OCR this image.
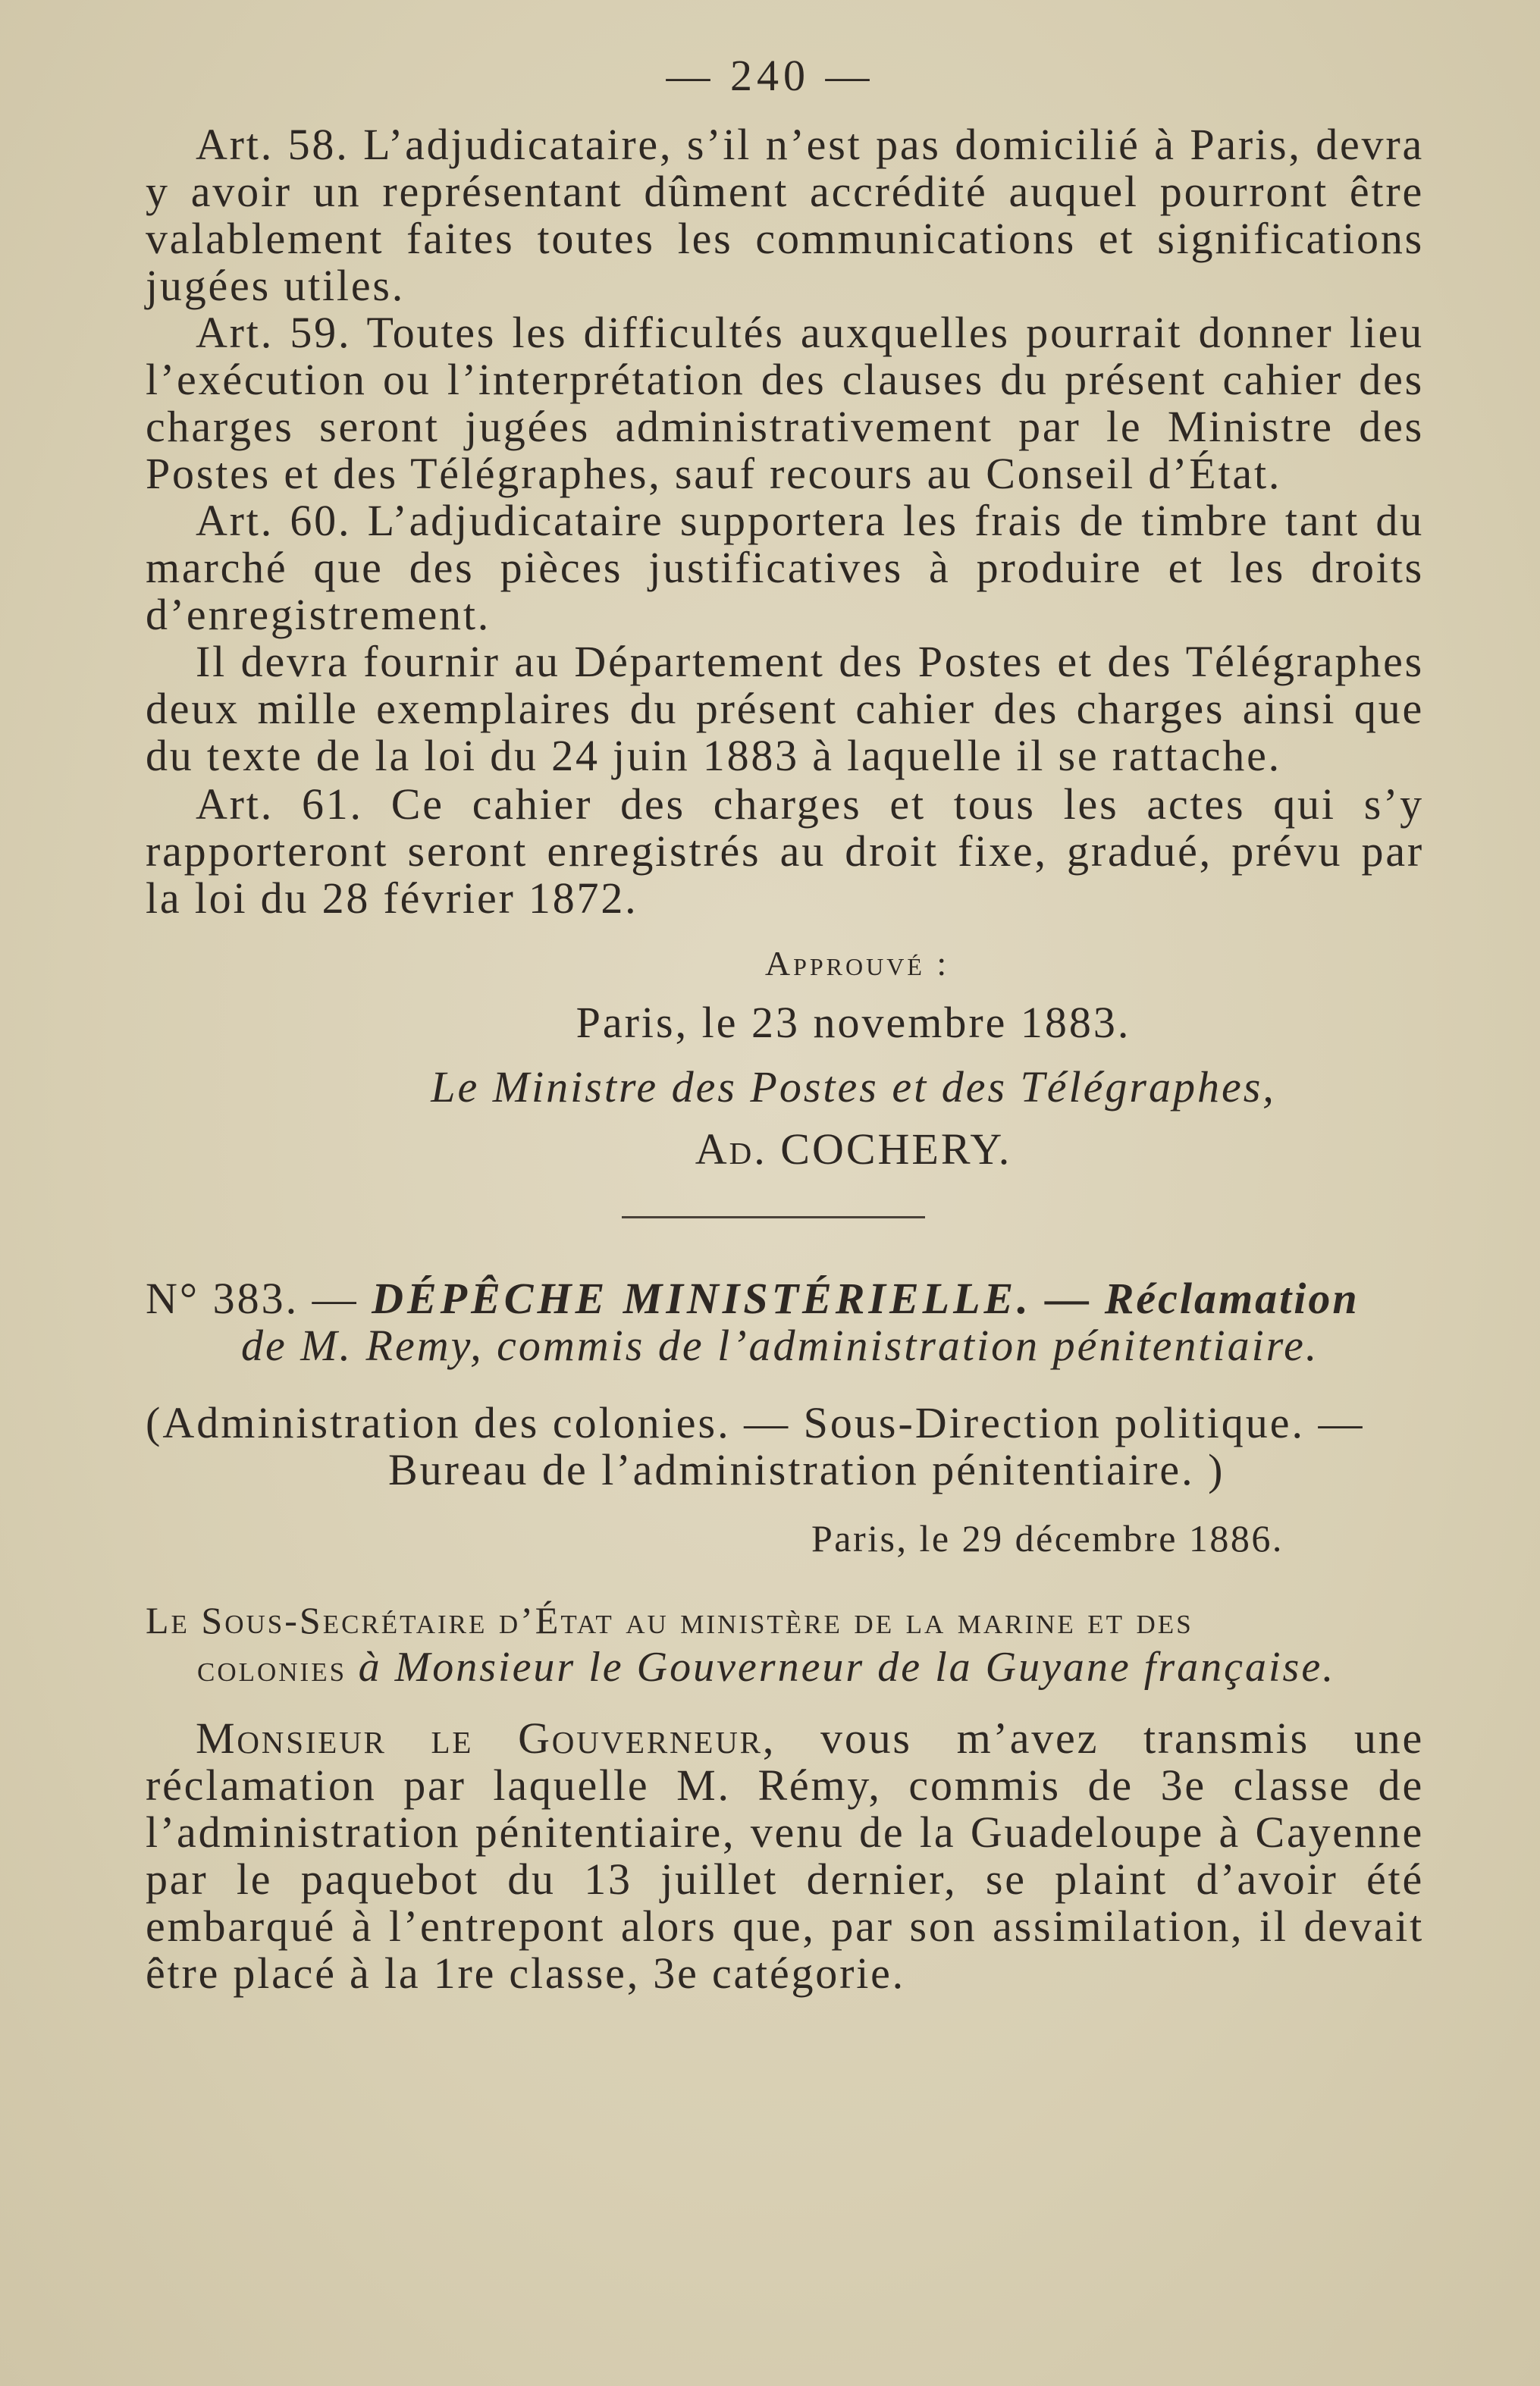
— 240 —

Art. 58. L’adjudicataire, s’il n’est pas domicilié à Paris, devra y avoir un représentant dûment accrédité auquel pourront être valablement faites toutes les communications et significations jugées utiles.

Art. 59. Toutes les difficultés auxquelles pourrait donner lieu l’exécution ou l’interprétation des clauses du présent cahier des charges seront jugées administrativement par le Ministre des Postes et des Télégraphes, sauf recours au Conseil d’État.

Art. 60. L’adjudicataire supportera les frais de timbre tant du marché que des pièces justificatives à produire et les droits d’enregistrement.

Il devra fournir au Département des Postes et des Télégraphes deux mille exemplaires du présent cahier des charges ainsi que du texte de la loi du 24 juin 1883 à laquelle il se rattache.

Art. 61. Ce cahier des charges et tous les actes qui s’y rapporteront seront enregistrés au droit fixe, gradué, prévu par la loi du 28 février 1872.

Approuvé :
Paris, le 23 novembre 1883.
Le Ministre des Postes et des Télégraphes,
Ad. COCHERY.
N° 383. — DÉPÊCHE MINISTÉRIELLE. — Réclamation
de M. Remy, commis de l’administration pénitentiaire.
(Administration des colonies. — Sous-Direction politique. —
Bureau de l’administration pénitentiaire. )
Paris, le 29 décembre 1886.
Le Sous-Secrétaire d’État au ministère de la marine et des
colonies à Monsieur le Gouverneur de la Guyane française.

Monsieur le Gouverneur, vous m’avez transmis une réclamation par laquelle M. Rémy, commis de 3e classe de l’administration pénitentiaire, venu de la Guadeloupe à Cayenne par le paquebot du 13 juillet dernier, se plaint d’avoir été embarqué à l’entrepont alors que, par son assimilation, il devait être placé à la 1re classe, 3e catégorie.
